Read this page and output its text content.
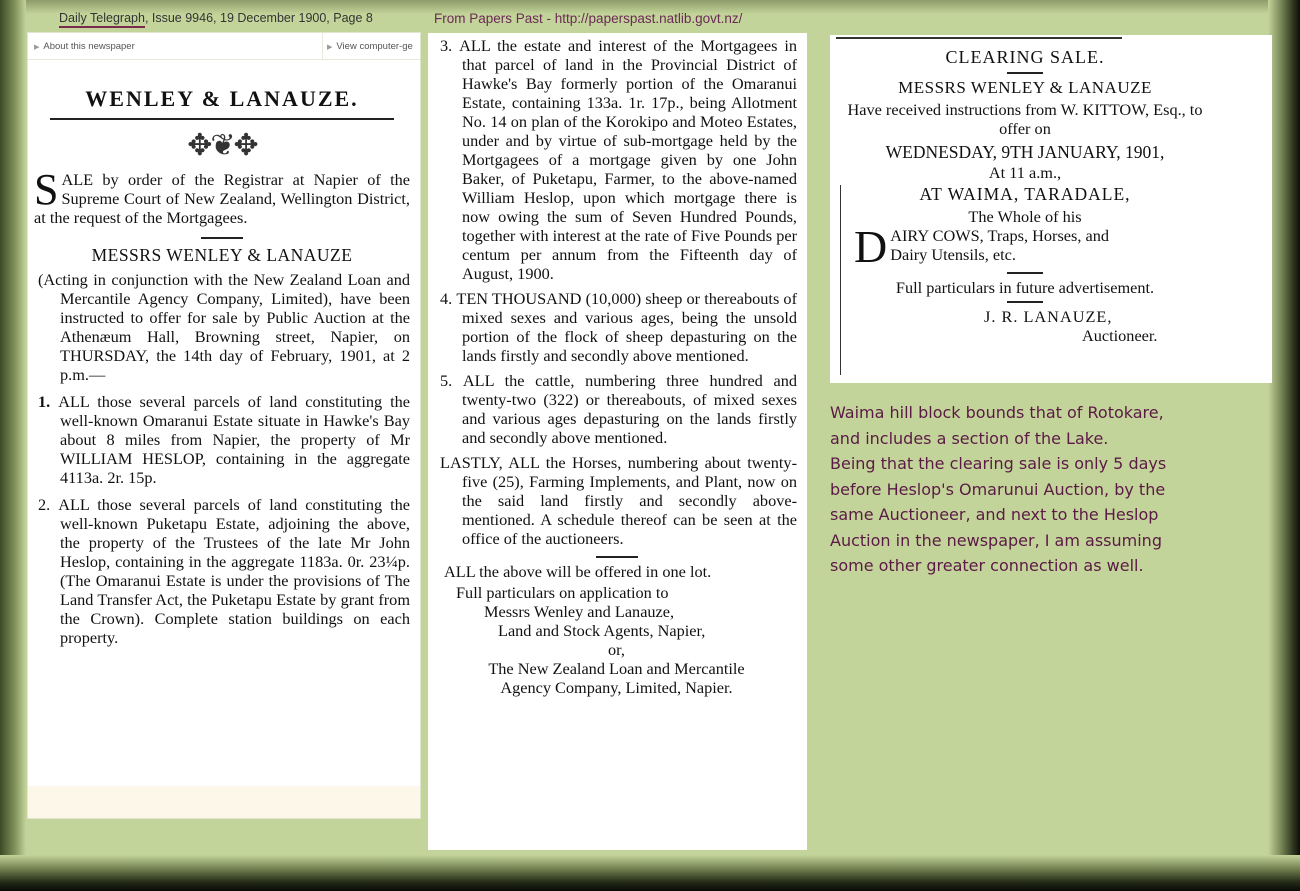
Daily Telegraph, Issue 9946, 19 December 1900, Page 8	From Papers Past - http://paperspast.natlib.govt.nz/
▶ About this newspaper	▶ View computer-ge
WENLEY & LANAUZE.
✥❦✥
SALE by order of the Registrar at Napier of the Supreme Court of New Zealand, Wellington District, at the request of the Mortgagees.
MESSRS WENLEY & LANAUZE
(Acting in conjunction with the New Zealand Loan and Mercantile Agency Company, Limited), have been instructed to offer for sale by Public Auction at the Athenæum Hall, Browning street, Napier, on THURSDAY, the 14th day of February, 1901, at 2 p.m.—
1. ALL those several parcels of land constituting the well-known Omaranui Estate situate in Hawke's Bay about 8 miles from Napier, the property of Mr WILLIAM HESLOP, containing in the aggregate 4113a. 2r. 15p.
2. ALL those several parcels of land constituting the well-known Puketapu Estate, adjoining the above, the property of the Trustees of the late Mr John Heslop, containing in the aggregate 1183a. 0r. 23¼p. (The Omaranui Estate is under the provisions of The Land Transfer Act, the Puketapu Estate by grant from the Crown). Complete station buildings on each property.
3. ALL the estate and interest of the Mortgagees in that parcel of land in the Provincial District of Hawke's Bay formerly portion of the Omaranui Estate, containing 133a. 1r. 17p., being Allotment No. 14 on plan of the Korokipo and Moteo Estates, under and by virtue of sub-mortgage held by the Mortgagees of a mortgage given by one John Baker, of Puketapu, Farmer, to the above-named William Heslop, upon which mortgage there is now owing the sum of Seven Hundred Pounds, together with interest at the rate of Five Pounds per centum per annum from the Fifteenth day of August, 1900.
4. TEN THOUSAND (10,000) sheep or thereabouts of mixed sexes and various ages, being the unsold portion of the flock of sheep depasturing on the lands firstly and secondly above mentioned.
5. ALL the cattle, numbering three hundred and twenty-two (322) or thereabouts, of mixed sexes and various ages depasturing on the lands firstly and secondly above mentioned.
LASTLY, ALL the Horses, numbering about twenty-five (25), Farming Implements, and Plant, now on the said land firstly and secondly above-mentioned. A schedule thereof can be seen at the office of the auctioneers.
ALL the above will be offered in one lot.
Full particulars on application to
Messrs Wenley and Lanauze,
Land and Stock Agents, Napier,
or,
The New Zealand Loan and Mercantile
Agency Company, Limited, Napier.
CLEARING SALE.
MESSRS WENLEY & LANAUZE
Have received instructions from W. KITTOW, Esq., to offer on
WEDNESDAY, 9TH JANUARY, 1901,
At 11 a.m.,
AT WAIMA, TARADALE,
The Whole of his
D AIRY COWS, Traps, Horses, and
Dairy Utensils, etc.
Full particulars in future advertisement.
J. R. LANAUZE,
Auctioneer.

Waima hill block bounds that of Rotokare,

and includes a section of the Lake.

Being that the clearing sale is only 5 days

before Heslop's Omarunui Auction, by the

same Auctioneer, and next to the Heslop

Auction in the newspaper, I am assuming

some other greater connection as well.
